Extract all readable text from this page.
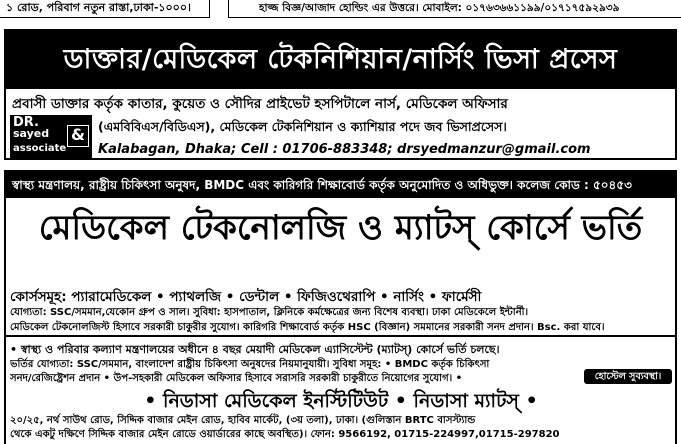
১ রোড, পরিবাগ নতুন রাস্তা,ঢাকা-১০০০।	হাজ্জ বিজ্ঞ/আজাদ হোল্ডিং এর উত্তরে। মোবাইল: ০১৭৬৩৬৬১১৯৯/০১৭১৭৫৯২৯৩৯
ডাক্তার/মেডিকেল টেকনিশিয়ান/নার্সিং ভিসা প্রসেস
প্রবাসী ডাক্তার কর্তৃক কাতার, কুয়েত ও সৌদির প্রাইভেট হসপিটালে নার্স, মেডিকেল অফিসার
DR.
sayed &
associate
(এমবিবিএস/বিডিএস), মেডিকেল টেকনিশিয়ান ও ক্যাশিয়ার পদে জব ভিসাপ্রসেস।
Kalabagan, Dhaka; Cell : 01706-883348; drsyedmanzur@gmail.com
স্বাস্থ্য মন্ত্রণালয়, রাষ্ট্রীয় চিকিৎসা অনুষদ, BMDC এবং কারিগরি শিক্ষাবোর্ড কর্তৃক অনুমোদিত ও অধিভুক্ত। কলেজ কোড : ৫০৪৫৩
মেডিকেল টেকনোলজি ও ম্যাটস্ কোর্সে ভর্তি
কোর্সসমূহ: প্যারামেডিকেল • প্যাথলজি • ডেন্টাল • ফিজিওথেরাপি • নার্সিং • ফার্মেসী
যোগ্যতা: SSC/সমমান,যেকোন গ্রুপ ও সাল। সুবিধা: হাসপাতাল, ক্লিনিকে কর্মক্ষেত্রের জন্য বিশেষ ব্যবস্থা। ঢাকা মেডিকেলে ইন্টার্নী।
মেডিকেল টেকনোলজিস্ট হিসাবে সরকারী চাকুরীর সুযোগ। কারিগরি শিক্ষাবোর্ড কর্তৃক HSC (বিজ্ঞান) সমমানের সরকারী সনদ প্রদান। Bsc. করা যাবে।
• স্বাস্থ্য ও পরিবার কল্যাণ মন্ত্রণালয়ের অধীনে ৪ বছর মেয়াদী মেডিকেল এ্যাসিস্টেন্ট (ম্যাটস্) কোর্সে ভর্তি চলছে।
ভর্তির যোগ্যতা: SSC/সমমান, বাংলাদেশ রাষ্ট্রীয় চিকিৎসা অনুষদের নিয়মানুযায়ী। সুবিধা সমূহ: • BMDC কর্তৃক চিকিৎসা
সনদ/রেজিষ্ট্রেশন প্রদান • উপ-সহকারী মেডিকেল অফিসার হিসাবে সরাসরি সরকারী চাকুরীতে নিয়োগের সুযোগ। •	হোস্টেল সুব্যবস্থা।
• নিডাসা মেডিকেল ইনস্টিটিউট • নিডাসা ম্যাটস্ •
২০/২৫, নর্থ সাউথ রোড, সিদ্দিক বাজার মেইন রোড, হাবিব মার্কেট, (৩য় তলা), ঢাকা। (গুলিস্তান BRTC বাসস্ট্যান্ড
থেকে একটু দক্ষিণে সিদ্দিক বাজার মেইন রোডে ওয়ার্ডারের কাছে অবস্থিত)। ফোন: 9566192, 01715-224997,01715-297820
